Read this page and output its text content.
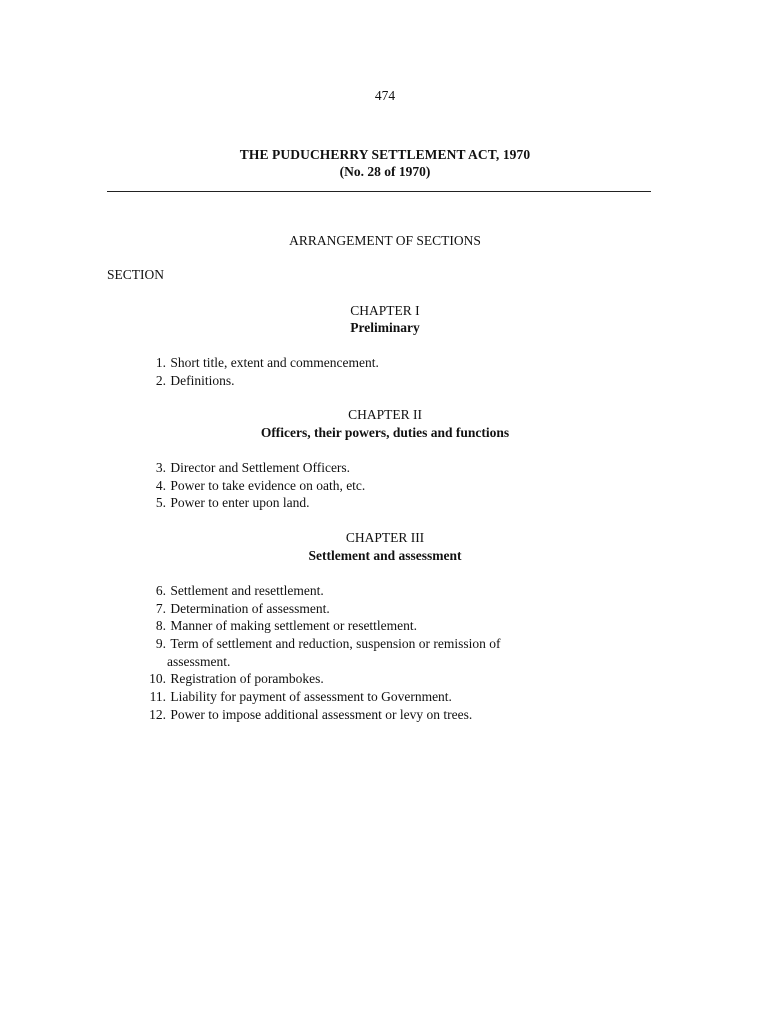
474
THE PUDUCHERRY SETTLEMENT ACT, 1970
(No. 28 of 1970)
ARRANGEMENT OF SECTIONS
SECTION
CHAPTER I
Preliminary
1. Short title, extent and commencement.
2. Definitions.
CHAPTER II
Officers, their powers, duties and functions
3. Director and Settlement Officers.
4. Power to take evidence on oath, etc.
5. Power to enter upon land.
CHAPTER III
Settlement and assessment
6. Settlement and resettlement.
7. Determination of assessment.
8. Manner of making settlement or resettlement.
9. Term of settlement and reduction, suspension or remission of
assessment.
10. Registration of porambokes.
11. Liability for payment of assessment to Government.
12. Power to impose additional assessment or levy on trees.
